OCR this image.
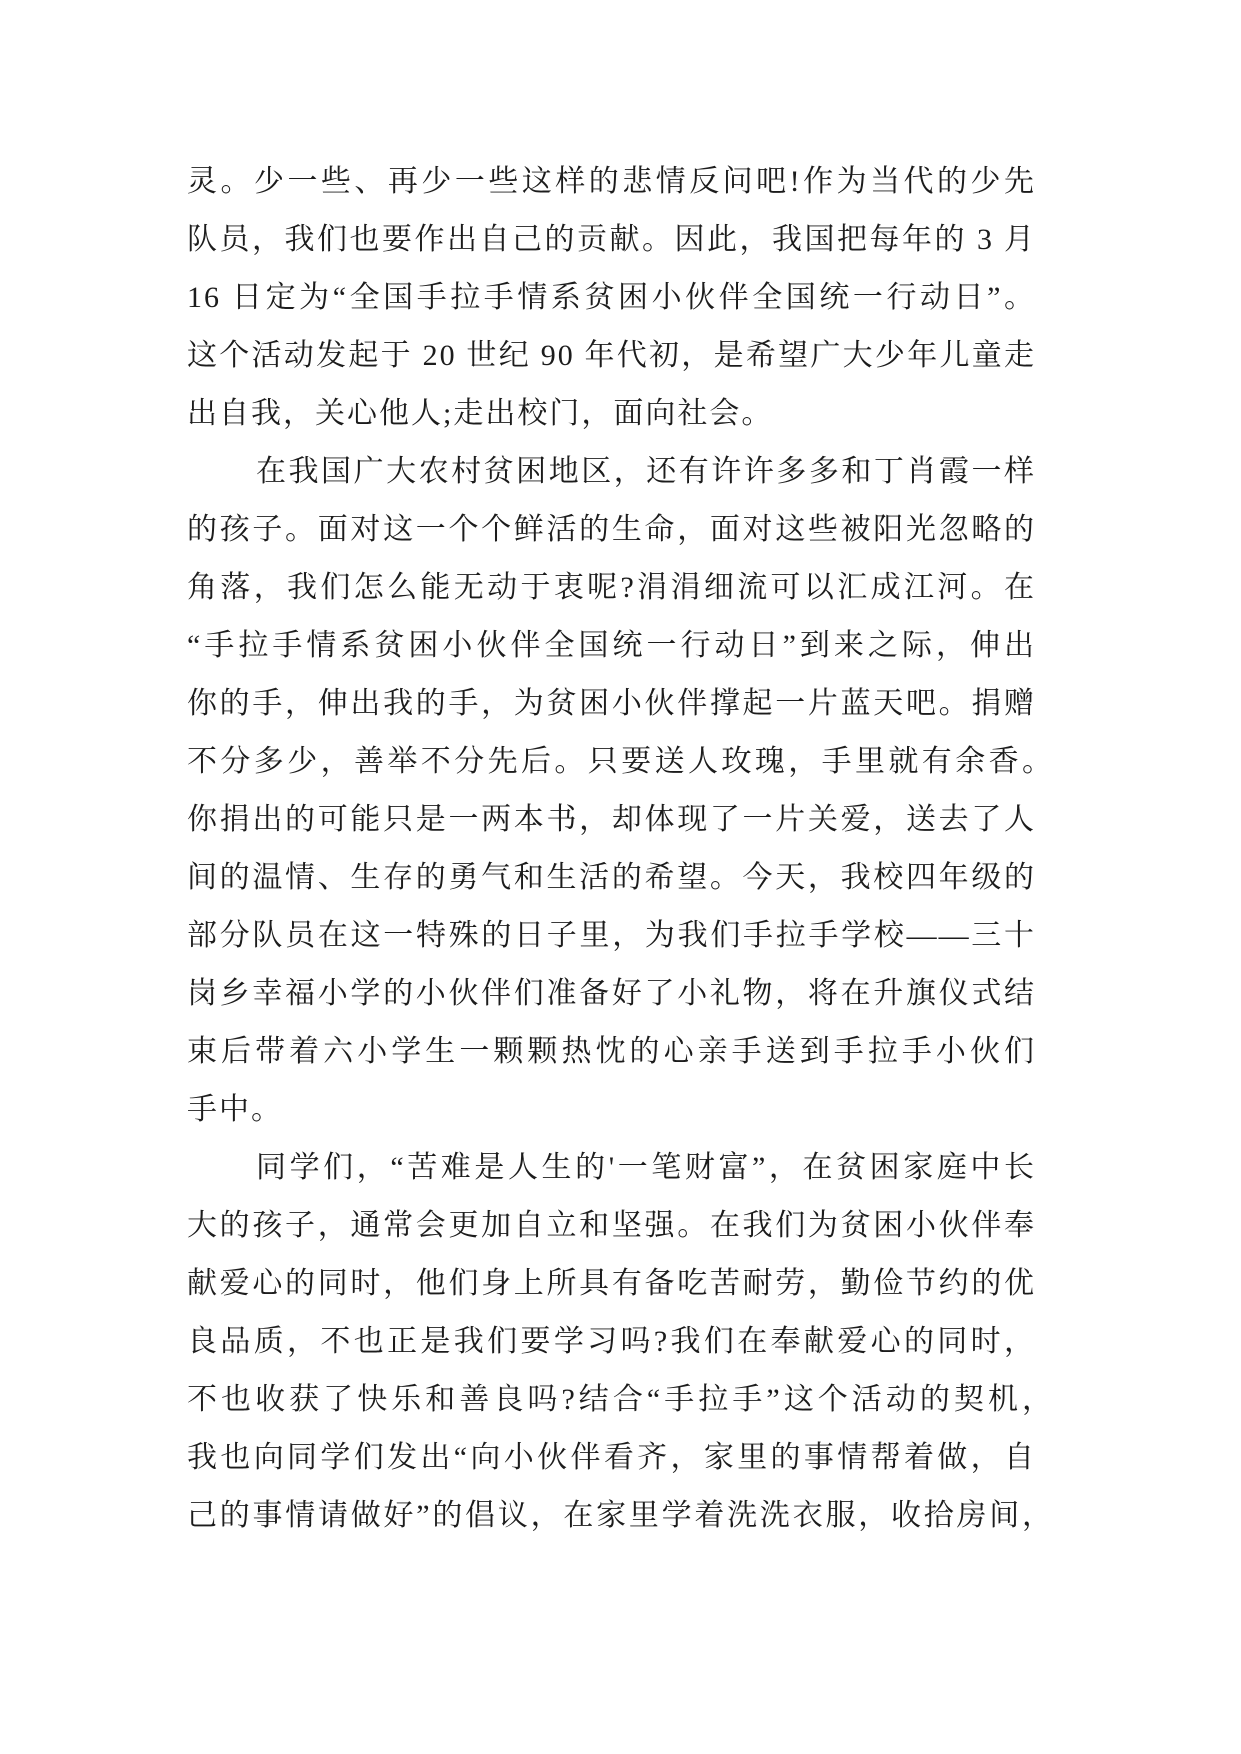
灵。少一些、再少一些这样的悲情反问吧!作为当代的少先
队员，我们也要作出自己的贡献。因此，我国把每年的 3 月
16 日定为“全国手拉手情系贫困小伙伴全国统一行动日”。
这个活动发起于 20 世纪 90 年代初，是希望广大少年儿童走
出自我，关心他人;走出校门，面向社会。
在我国广大农村贫困地区，还有许许多多和丁肖霞一样
的孩子。面对这一个个鲜活的生命，面对这些被阳光忽略的
角落，我们怎么能无动于衷呢?涓涓细流可以汇成江河。在
“手拉手情系贫困小伙伴全国统一行动日”到来之际，伸出
你的手，伸出我的手，为贫困小伙伴撑起一片蓝天吧。捐赠
不分多少，善举不分先后。只要送人玫瑰，手里就有余香。
你捐出的可能只是一两本书，却体现了一片关爱，送去了人
间的温情、生存的勇气和生活的希望。今天，我校四年级的
部分队员在这一特殊的日子里，为我们手拉手学校——三十
岗乡幸福小学的小伙伴们准备好了小礼物，将在升旗仪式结
束后带着六小学生一颗颗热忱的心亲手送到手拉手小伙们
手中。
同学们，“苦难是人生的'一笔财富”，在贫困家庭中长
大的孩子，通常会更加自立和坚强。在我们为贫困小伙伴奉
献爱心的同时，他们身上所具有备吃苦耐劳，勤俭节约的优
良品质，不也正是我们要学习吗?我们在奉献爱心的同时，
不也收获了快乐和善良吗?结合“手拉手”这个活动的契机，
我也向同学们发出“向小伙伴看齐，家里的事情帮着做，自
己的事情请做好”的倡议，在家里学着洗洗衣服，收拾房间，
